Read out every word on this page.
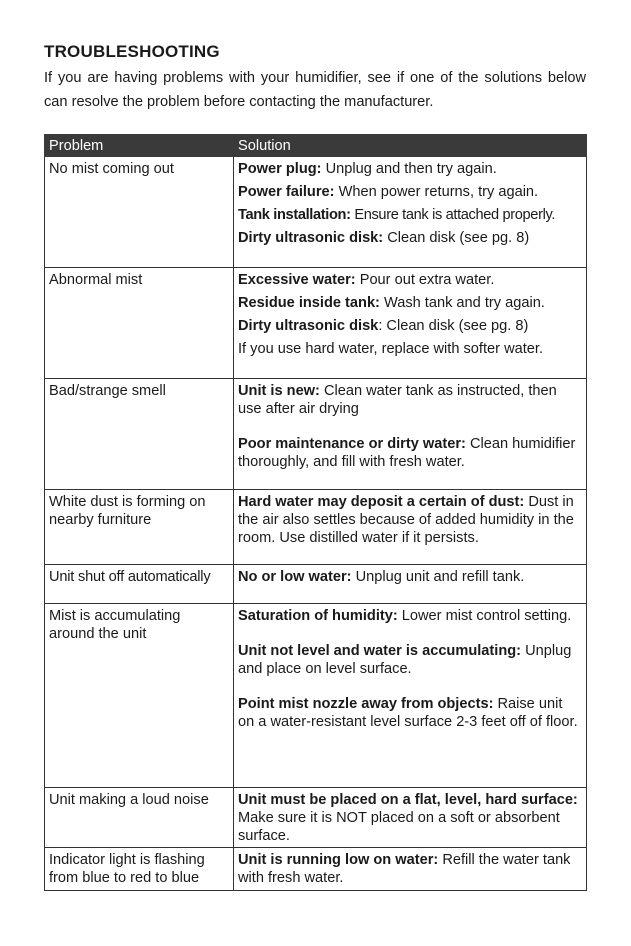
TROUBLESHOOTING

If you are having problems with your humidifier, see if one of the solutions below can resolve the problem before contacting the manufacturer.

Problem	Solution
No mist coming out	Power plug: Unplug and then try again.
Power failure: When power returns, try again.
Tank installation: Ensure tank is attached properly.
Dirty ultrasonic disk: Clean disk (see pg. 8)

Abnormal mist	Excessive water: Pour out extra water.
Residue inside tank: Wash tank and try again.
Dirty ultrasonic disk: Clean disk (see pg. 8)
If you use hard water, replace with softer water.

Bad/strange smell	Unit is new: Clean water tank as instructed, then use after air drying
Poor maintenance or dirty water: Clean humidifier thoroughly, and fill with fresh water.

White dust is forming on nearby furniture	Hard water may deposit a certain of dust: Dust in the air also settles because of added humidity in the room. Use distilled water if it persists.

Unit shut off automatically	No or low water: Unplug unit and refill tank.

Mist is accumulating around the unit	Saturation of humidity: Lower mist control setting.
Unit not level and water is accumulating: Unplug and place on level surface.
Point mist nozzle away from objects: Raise unit on a water-resistant level surface 2-3 feet off of floor.

Unit making a loud noise	Unit must be placed on a flat, level, hard surface: Make sure it is NOT placed on a soft or absorbent surface.

Indicator light is flashing from blue to red to blue	Unit is running low on water: Refill the water tank with fresh water.
